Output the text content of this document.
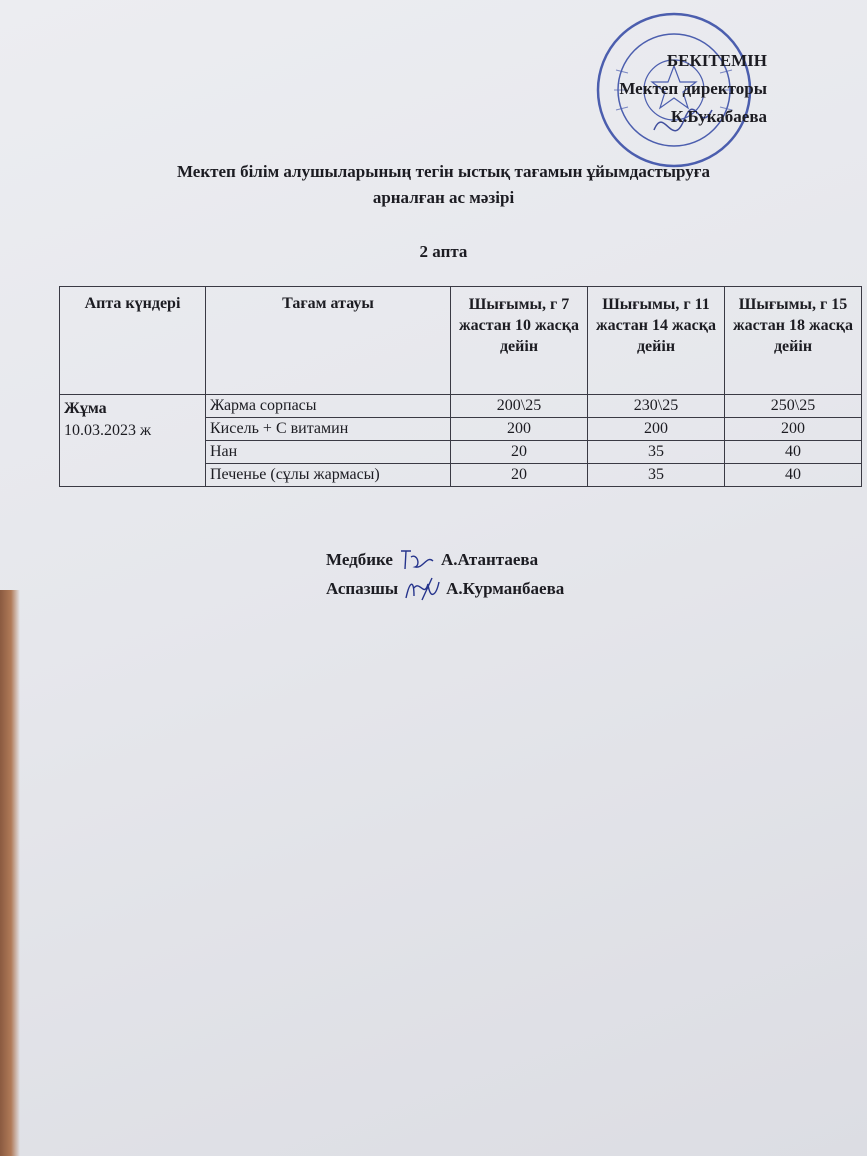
БЕКІТЕМІН
Мектеп директоры
К.Букабаева
Мектеп білім алушыларының тегін ыстық тағамын ұйымдастыруға
арналған ас мәзірі
2 апта
Апта күндері	Тағам атауы	Шығымы, г 7 жастан 10 жасқа дейін	Шығымы, г 11 жастан 14 жасқа дейін	Шығымы, г 15 жастан 18 жасқа дейін

Жұма
10.03.2023 ж	Жарма сорпасы	200\25	230\25	250\25
	Кисель + С витамин	200	200	200
	Нан	20	35	40
	Печенье (сұлы жармасы)	20	35	40
Медбике	А.Атантаева
Аспазшы	А.Курманбаева
